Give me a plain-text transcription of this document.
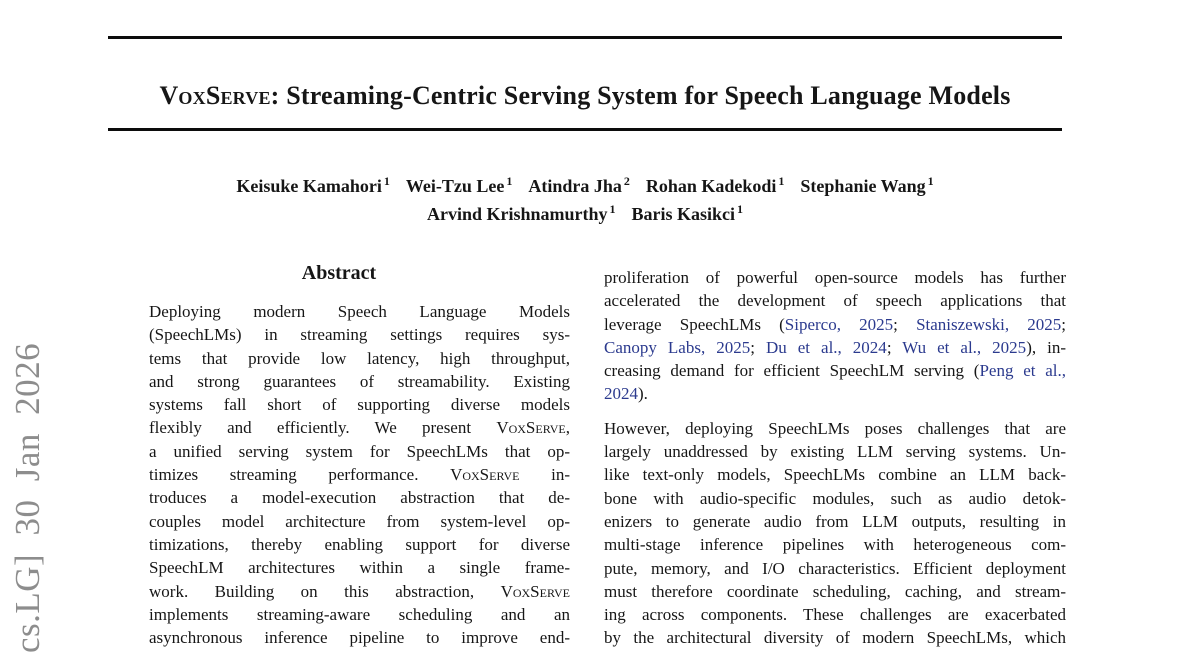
cs.LG] 30 Jan 2026
VoxServe: Streaming-Centric Serving System for Speech Language Models
Keisuke Kamahori $^1$ Wei-Tzu Lee $^1$ Atindra Jha $^2$ Rohan Kadekodi $^1$ Stephanie Wang $^1$
Arvind Krishnamurthy $^1$ Baris Kasikci $^1$
Abstract
Deploying modern Speech Language Models
(SpeechLMs) in streaming settings requires sys-
tems that provide low latency, high throughput,
and strong guarantees of streamability. Existing
systems fall short of supporting diverse models
flexibly and efficiently. We present VoxServe,
a unified serving system for SpeechLMs that op-
timizes streaming performance. VoxServe in-
troduces a model-execution abstraction that de-
couples model architecture from system-level op-
timizations, thereby enabling support for diverse
SpeechLM architectures within a single frame-
work. Building on this abstraction, VoxServe
implements streaming-aware scheduling and an
asynchronous inference pipeline to improve end-
proliferation of powerful open-source models has further
accelerated the development of speech applications that
leverage SpeechLMs (Siperco, 2025; Staniszewski, 2025;
Canopy Labs, 2025; Du et al., 2024; Wu et al., 2025), in-
creasing demand for efficient SpeechLM serving (Peng et al.,
2024).
However, deploying SpeechLMs poses challenges that are
largely unaddressed by existing LLM serving systems. Un-
like text-only models, SpeechLMs combine an LLM back-
bone with audio-specific modules, such as audio detok-
enizers to generate audio from LLM outputs, resulting in
multi-stage inference pipelines with heterogeneous com-
pute, memory, and I/O characteristics. Efficient deployment
must therefore coordinate scheduling, caching, and stream-
ing across components. These challenges are exacerbated
by the architectural diversity of modern SpeechLMs, which
